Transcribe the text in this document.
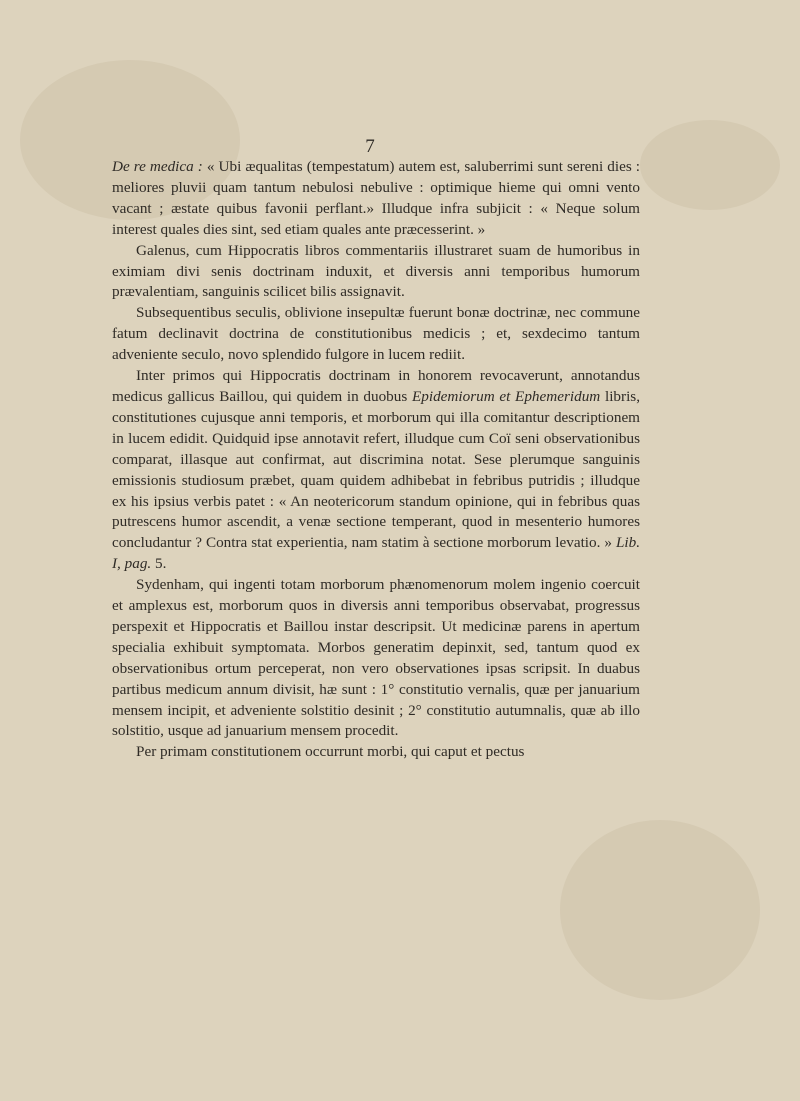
7

De re medica : « Ubi æqualitas (tempestatum) autem est, saluberrimi sunt sereni dies : meliores pluvii quam tantum nebulosi nebulive : optimique hieme qui omni vento vacant ; æstate quibus favonii perflant.» Illudque infra subjicit : « Neque solum interest quales dies sint, sed etiam quales ante præcesserint. »

Galenus, cum Hippocratis libros commentariis illustraret suam de humoribus in eximiam divi senis doctrinam induxit, et diversis anni temporibus humorum prævalentiam, sanguinis scilicet bilis assignavit.

Subsequentibus seculis, oblivione insepultæ fuerunt bonæ doctrinæ, nec commune fatum declinavit doctrina de constitutionibus medicis ; et, sexdecimo tantum adveniente seculo, novo splendido fulgore in lucem rediit.

Inter primos qui Hippocratis doctrinam in honorem revocaverunt, annotandus medicus gallicus Baillou, qui quidem in duobus Epidemiorum et Ephemeridum libris, constitutiones cujusque anni temporis, et morborum qui illa comitantur descriptionem in lucem edidit. Quidquid ipse annotavit refert, illudque cum Coï seni observationibus comparat, illasque aut confirmat, aut discrimina notat. Sese plerumque sanguinis emissionis studiosum præbet, quam quidem adhibebat in febribus putridis ; illudque ex his ipsius verbis patet : « An neotericorum standum opinione, qui in febribus quas putrescens humor ascendit, a venæ sectione temperant, quod in mesenterio humores concludantur ? Contra stat experientia, nam statim à sectione morborum levatio. » Lib. I, pag. 5.

Sydenham, qui ingenti totam morborum phænomenorum molem ingenio coercuit et amplexus est, morborum quos in diversis anni temporibus observabat, progressus perspexit et Hippocratis et Baillou instar descripsit. Ut medicinæ parens in apertum specialia exhibuit symptomata. Morbos generatim depinxit, sed, tantum quod ex observationibus ortum perceperat, non vero observationes ipsas scripsit. In duabus partibus medicum annum divisit, hæ sunt : 1° constitutio vernalis, quæ per januarium mensem incipit, et adveniente solstitio desinit ; 2° constitutio autumnalis, quæ ab illo solstitio, usque ad januarium mensem procedit.

Per primam constitutionem occurrunt morbi, qui caput et pectus
